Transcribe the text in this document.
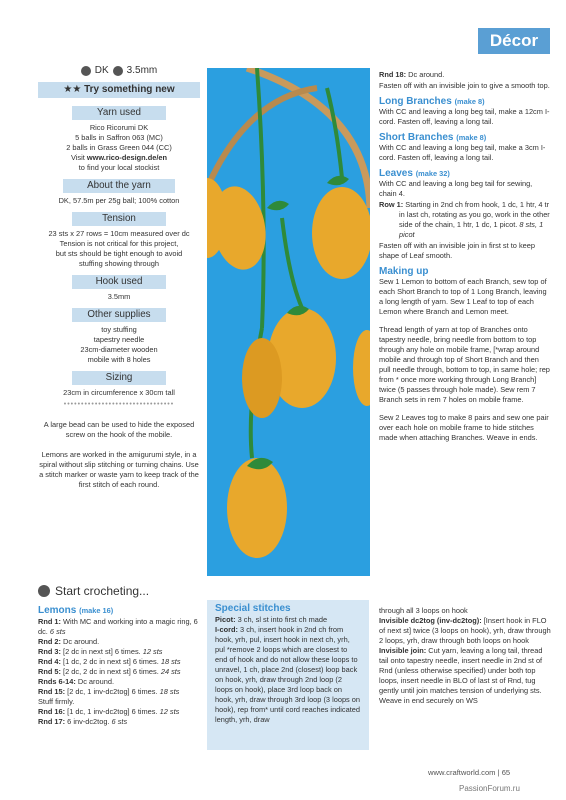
Décor
DK 3.5mm
★★ Try something new
Yarn used

Rico Ricorumi DK

5 balls in Saffron 063 (MC)

2 balls in Grass Green 044 (CC)

Visit www.rico-design.de/en

to find your local stockist

About the yarn

DK, 57.5m per 25g ball; 100% cotton

Tension

23 sts x 27 rows = 10cm measured over dc

Tension is not critical for this project,

but sts should be tight enough to avoid

stuffing showing through

Hook used

3.5mm

Other supplies

toy stuffing

tapestry needle

23cm-diameter wooden

mobile with 8 holes

Sizing

23cm in circumference x 30cm tall

••••••••••••••••••••••••••••••••

A large bead can be used to hide the exposed screw on the hook of the mobile.

Lemons are worked in the amigurumi style, in a spiral without slip stitching or turning chains. Use a stitch marker or waste yarn to keep track of the first stitch of each round.

Rnd 18: Dc around.

Fasten off with an invisible join to give a smooth top.

Long Branches (make 8)

With CC and leaving a long beg tail, make a 12cm I-cord. Fasten off, leaving a long tail.

Short Branches (make 8)

With CC and leaving a long beg tail, make a 3cm I-cord. Fasten off, leaving a long tail.

Leaves (make 32)

With CC and leaving a long beg tail for sewing, chain 4.

Row 1: Starting in 2nd ch from hook, 1 dc, 1 htr, 4 tr in last ch, rotating as you go, work in the other side of the chain, 1 htr, 1 dc, 1 picot. 8 sts, 1 picot

Fasten off with an invisible join in first st to keep shape of Leaf smooth.

Making up

Sew 1 Lemon to bottom of each Branch, sew top of each Short Branch to top of 1 Long Branch, leaving a long length of yarn. Sew 1 Leaf to top of each Lemon where Branch and Lemon meet.

Thread length of yarn at top of Branches onto tapestry needle, bring needle from bottom to top through any hole on mobile frame, [*wrap around mobile and through top of Short Branch and then pull needle through, bottom to top, in same hole; rep from * once more working through Long Branch] twice (5 passes through hole made). Sew rem 7 Branch sets in rem 7 holes on mobile frame.

Sew 2 Leaves tog to make 8 pairs and sew one pair over each hole on mobile frame to hide stitches made when attaching Branches. Weave in ends.

Start crocheting...
Lemons (make 16)

Rnd 1: With MC and working into a magic ring, 6 dc. 6 sts

Rnd 2: Dc around.

Rnd 3: [2 dc in next st] 6 times. 12 sts

Rnd 4: [1 dc, 2 dc in next st] 6 times. 18 sts

Rnd 5: [2 dc, 2 dc in next st] 6 times. 24 sts

Rnds 6-14: Dc around.

Rnd 15: [2 dc, 1 inv-dc2tog] 6 times. 18 sts

Stuff firmly.

Rnd 16: [1 dc, 1 inv-dc2tog] 6 times. 12 sts

Rnd 17: 6 inv-dc2tog. 6 sts

Special stitches

Picot: 3 ch, sl st into first ch made

I-cord: 3 ch, insert hook in 2nd ch from hook, yrh, pul, insert hook in next ch, yrh, pul *remove 2 loops which are closest to end of hook and do not allow these loops to unravel, 1 ch, place 2nd (closest) loop back on hook, yrh, draw through 2nd loop (2 loops on hook), place 3rd loop back on hook, yrh, draw through 3rd loop (3 loops on hook), rep from* until cord reaches indicated length, yrh, draw

through all 3 loops on hook

Invisible dc2tog (inv-dc2tog): [Insert hook in FLO of next st] twice (3 loops on hook), yrh, draw through 2 loops, yrh, draw through both loops on hook

Invisible join: Cut yarn, leaving a long tail, thread tail onto tapestry needle, insert needle in 2nd st of Rnd (unless otherwise specified) under both top loops, insert needle in BLO of last st of Rnd, tug gently until join matches tension of underlying sts. Weave in end securely on WS

www.craftworld.com | 65
PassionForum.ru
